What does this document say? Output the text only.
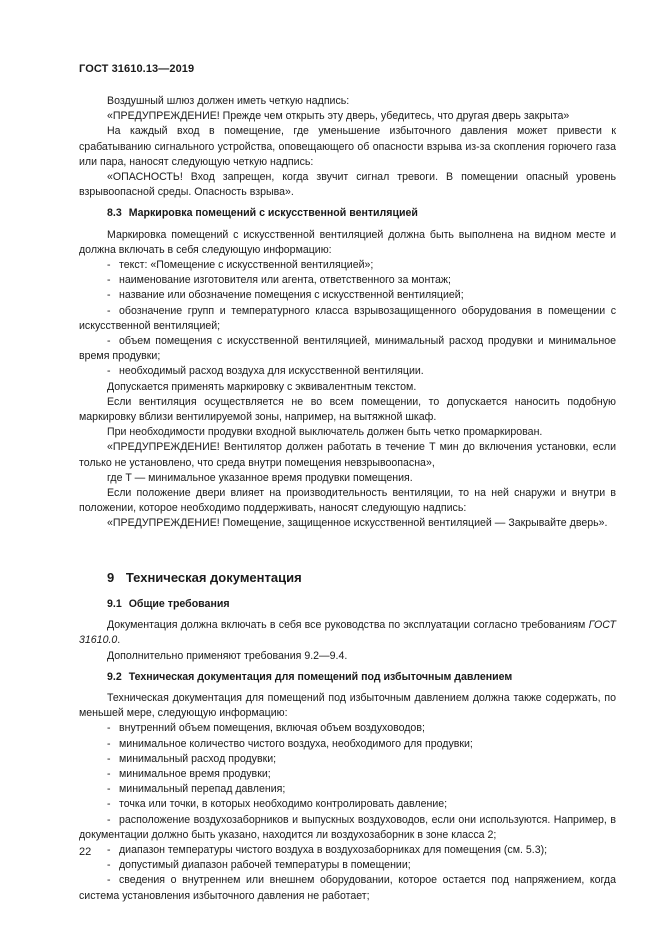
ГОСТ 31610.13—2019

Воздушный шлюз должен иметь четкую надпись:

«ПРЕДУПРЕЖДЕНИЕ! Прежде чем открыть эту дверь, убедитесь, что другая дверь закрыта»

На каждый вход в помещение, где уменьшение избыточного давления может привести к срабатыванию сигнального устройства, оповещающего об опасности взрыва из-за скопления горючего газа или пара, наносят следующую четкую надпись:

«ОПАСНОСТЬ! Вход запрещен, когда звучит сигнал тревоги. В помещении опасный уровень взрывоопасной среды. Опасность взрыва».

8.3 Маркировка помещений с искусственной вентиляцией

Маркировка помещений с искусственной вентиляцией должна быть выполнена на видном месте и должна включать в себя следующую информацию:

- текст: «Помещение с искусственной вентиляцией»;

- наименование изготовителя или агента, ответственного за монтаж;

- название или обозначение помещения с искусственной вентиляцией;

- обозначение групп и температурного класса взрывозащищенного оборудования в помещении с искусственной вентиляцией;

- объем помещения с искусственной вентиляцией, минимальный расход продувки и минимальное время продувки;

- необходимый расход воздуха для искусственной вентиляции.

Допускается применять маркировку с эквивалентным текстом.

Если вентиляция осуществляется не во всем помещении, то допускается наносить подобную маркировку вблизи вентилируемой зоны, например, на вытяжной шкаф.

При необходимости продувки входной выключатель должен быть четко промаркирован.

«ПРЕДУПРЕЖДЕНИЕ! Вентилятор должен работать в течение T мин до включения установки, если только не установлено, что среда внутри помещения невзрывоопасна»,

где T — минимальное указанное время продувки помещения.

Если положение двери влияет на производительность вентиляции, то на ней снаружи и внутри в положении, которое необходимо поддерживать, наносят следующую надпись:

«ПРЕДУПРЕЖДЕНИЕ! Помещение, защищенное искусственной вентиляцией — Закрывайте дверь».

9 Техническая документация
9.1 Общие требования

Документация должна включать в себя все руководства по эксплуатации согласно требованиям ГОСТ 31610.0.

Дополнительно применяют требования 9.2—9.4.

9.2 Техническая документация для помещений под избыточным давлением

Техническая документация для помещений под избыточным давлением должна также содержать, по меньшей мере, следующую информацию:

- внутренний объем помещения, включая объем воздуховодов;

- минимальное количество чистого воздуха, необходимого для продувки;

- минимальный расход продувки;

- минимальное время продувки;

- минимальный перепад давления;

- точка или точки, в которых необходимо контролировать давление;

- расположение воздухозаборников и выпускных воздуховодов, если они используются. Например, в документации должно быть указано, находится ли воздухозаборник в зоне класса 2;

- диапазон температуры чистого воздуха в воздухозаборниках для помещения (см. 5.3);

- допустимый диапазон рабочей температуры в помещении;

- сведения о внутреннем или внешнем оборудовании, которое остается под напряжением, когда система установления избыточного давления не работает;

22
